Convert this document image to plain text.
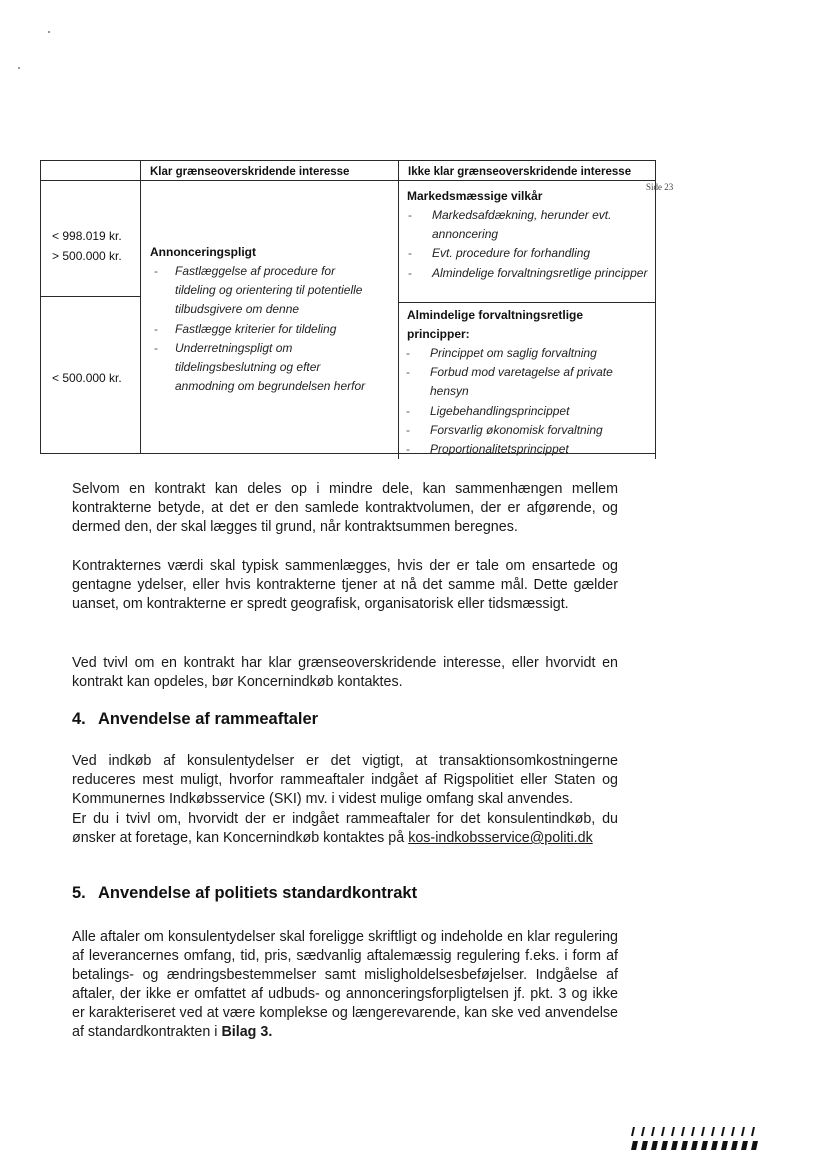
Klar grænseoverskridende interesse	Ikke klar grænseoverskridende interesse
< 998.019 kr.
> 500.000 kr.
< 500.000 kr.
Annonceringspligt
- Fastlæggelse af procedure for tildeling og orientering til potentielle tilbudsgivere om denne
- Fastlægge kriterier for tildeling
- Underretningspligt om tildelingsbeslutning og efter anmodning om begrundelsen herfor
Markedsmæssige vilkår
- Markedsafdækning, herunder evt. annoncering
- Evt. procedure for forhandling
- Almindelige forvaltningsretlige principper
Almindelige forvaltningsretlige principper:
- Princippet om saglig forvaltning
- Forbud mod varetagelse af private hensyn
- Ligebehandlingsprincippet
- Forsvarlig økonomisk forvaltning
- Proportionalitetsprincippet
Side 23

Selvom en kontrakt kan deles op i mindre dele, kan sammenhængen mellem kontrakterne betyde, at det er den samlede kontraktvolumen, der er afgørende, og dermed den, der skal lægges til grund, når kontraktsummen beregnes.

Kontrakternes værdi skal typisk sammenlægges, hvis der er tale om ensartede og gentagne ydelser, eller hvis kontrakterne tjener at nå det samme mål. Dette gælder uanset, om kontrakterne er spredt geografisk, organisatorisk eller tidsmæssigt.

Ved tvivl om en kontrakt har klar grænseoverskridende interesse, eller hvorvidt en kontrakt kan opdeles, bør Koncernindkøb kontaktes.

4. Anvendelse af rammeaftaler

Ved indkøb af konsulentydelser er det vigtigt, at transaktionsomkostningerne reduceres mest muligt, hvorfor rammeaftaler indgået af Rigspolitiet eller Staten og Kommunernes Indkøbsservice (SKI) mv. i videst mulige omfang skal anvendes.

Er du i tvivl om, hvorvidt der er indgået rammeaftaler for det konsulentindkøb, du ønsker at foretage, kan Koncernindkøb kontaktes på kos-indkobsservice@politi.dk

5. Anvendelse af politiets standardkontrakt

Alle aftaler om konsulentydelser skal foreligge skriftligt og indeholde en klar regulering af leverancernes omfang, tid, pris, sædvanlig aftalemæssig regulering f.eks. i form af betalings- og ændringsbestemmelser samt misligholdelsesbeføjelser. Indgåelse af aftaler, der ikke er omfattet af udbuds- og annonceringsforpligtelsen jf. pkt. 3 og ikke er karakteriseret ved at være komplekse og længerevarende, kan ske ved anvendelse af standardkontrakten i Bilag 3.
